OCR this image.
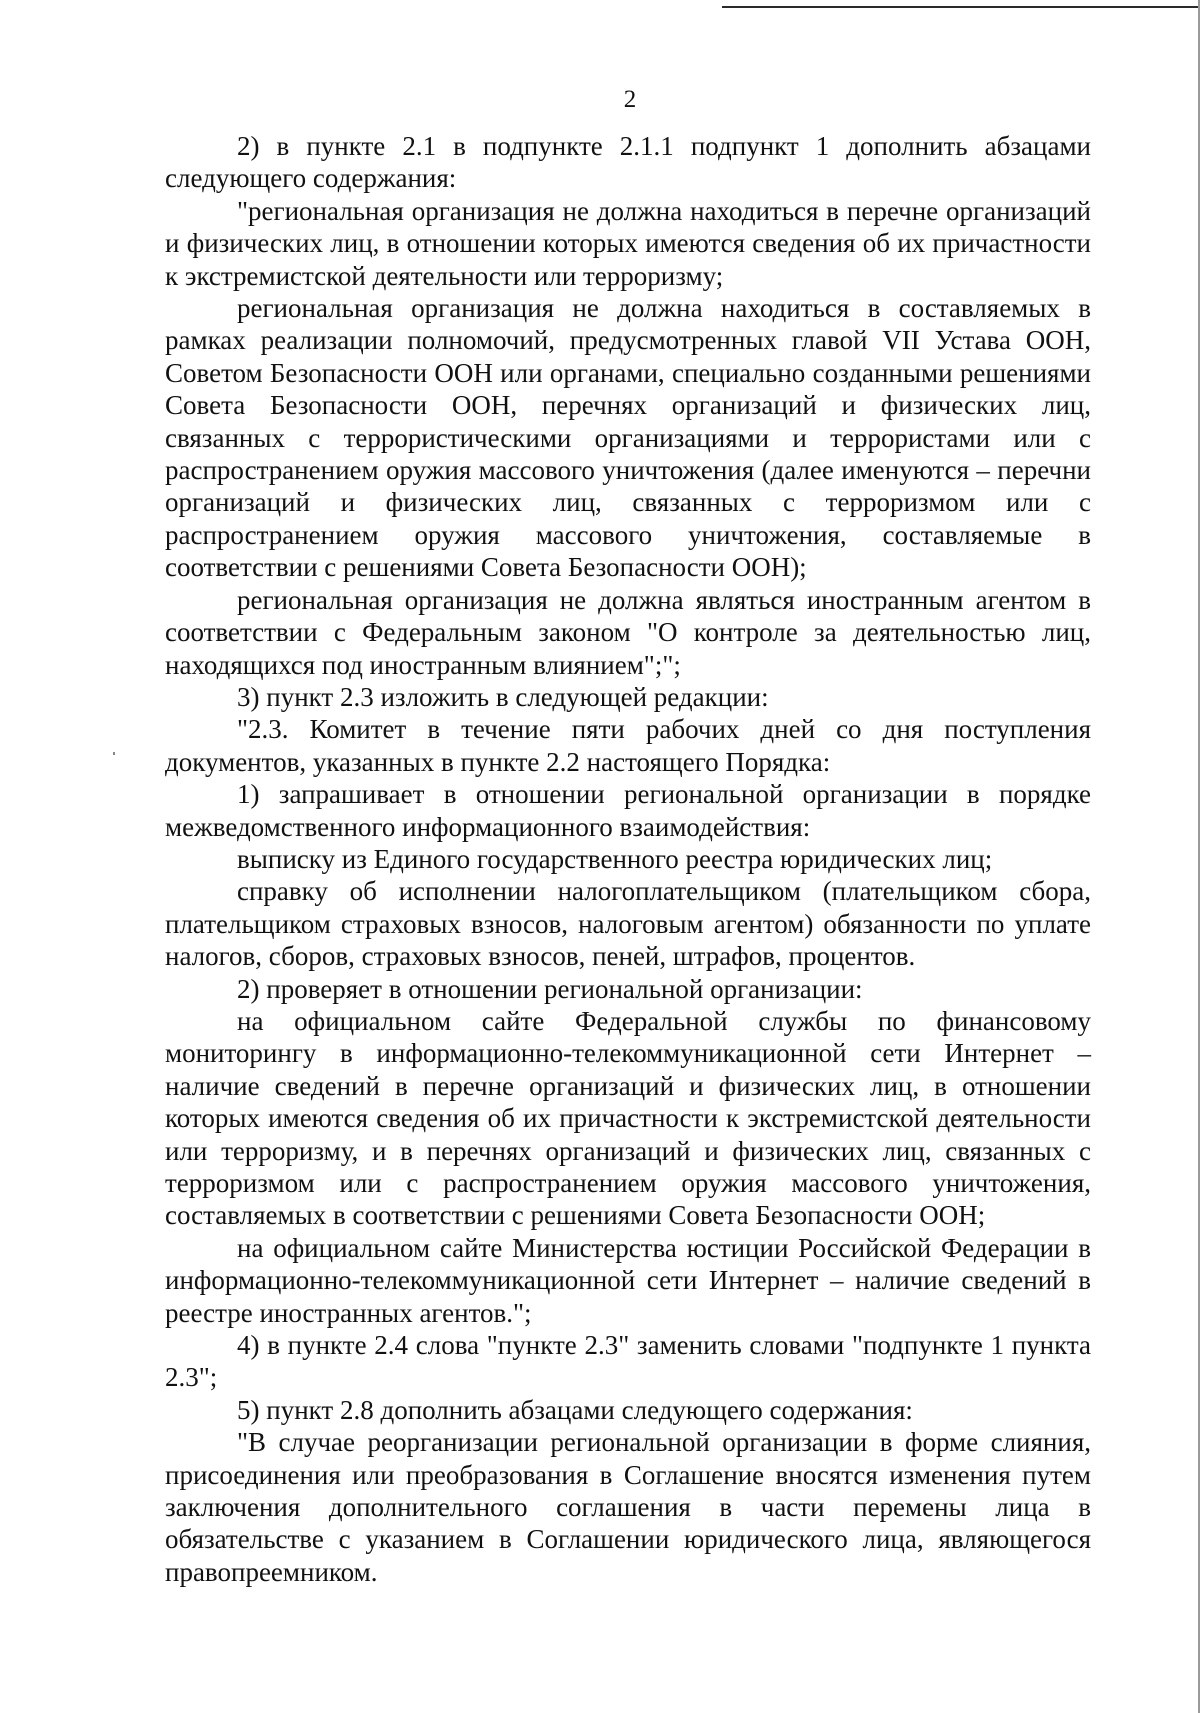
2

2) в пункте 2.1 в подпункте 2.1.1 подпункт 1 дополнить абзацами следующего содержания:

"региональная организация не должна находиться в перечне организаций и физических лиц, в отношении которых имеются сведения об их причастности к экстремистской деятельности или терроризму;

региональная организация не должна находиться в составляемых в рамках реализации полномочий, предусмотренных главой VII Устава ООН, Советом Безопасности ООН или органами, специально созданными решениями Совета Безопасности ООН, перечнях организаций и физических лиц, связанных с террористическими организациями и террористами или с распространением оружия массового уничтожения (далее именуются – перечни организаций и физических лиц, связанных с терроризмом или с распространением оружия массового уничтожения, составляемые в соответствии с решениями Совета Безопасности ООН);

региональная организация не должна являться иностранным агентом в соответствии с Федеральным законом "О контроле за деятельностью лиц, находящихся под иностранным влиянием";";

3) пункт 2.3 изложить в следующей редакции:

"2.3. Комитет в течение пяти рабочих дней со дня поступления документов, указанных в пункте 2.2 настоящего Порядка:

1) запрашивает в отношении региональной организации в порядке межведомственного информационного взаимодействия:

выписку из Единого государственного реестра юридических лиц;

справку об исполнении налогоплательщиком (плательщиком сбора, плательщиком страховых взносов, налоговым агентом) обязанности по уплате налогов, сборов, страховых взносов, пеней, штрафов, процентов.

2) проверяет в отношении региональной организации:

на официальном сайте Федеральной службы по финансовому мониторингу в информационно-телекоммуникационной сети Интернет – наличие сведений в перечне организаций и физических лиц, в отношении которых имеются сведения об их причастности к экстремистской деятельности или терроризму, и в перечнях организаций и физических лиц, связанных с терроризмом или с распространением оружия массового уничтожения, составляемых в соответствии с решениями Совета Безопасности ООН;

на официальном сайте Министерства юстиции Российской Федерации в информационно-телекоммуникационной сети Интернет – наличие сведений в реестре иностранных агентов.";

4) в пункте 2.4 слова "пункте 2.3" заменить словами "подпункте 1 пункта 2.3";

5) пункт 2.8 дополнить абзацами следующего содержания:

"В случае реорганизации региональной организации в форме слияния, присоединения или преобразования в Соглашение вносятся изменения путем заключения дополнительного соглашения в части перемены лица в обязательстве с указанием в Соглашении юридического лица, являющегося правопреемником.
